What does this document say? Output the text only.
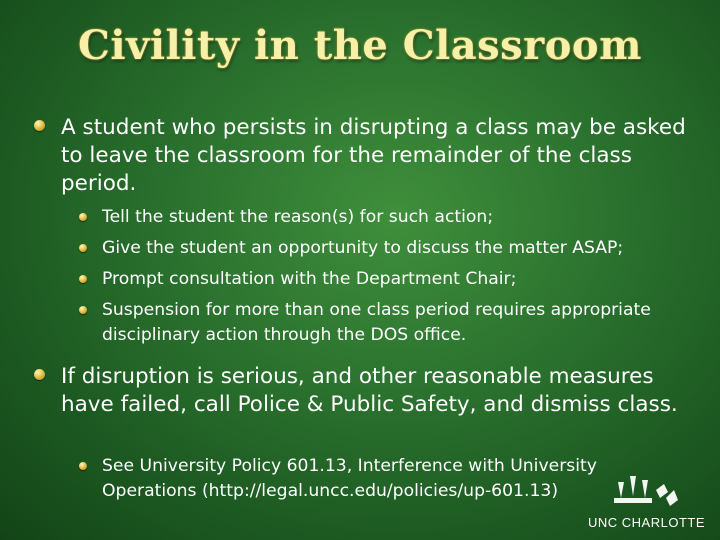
Civility in the Classroom
A student who persists in disrupting a class may be asked to leave the classroom for the remainder of the class period.
Tell the student the reason(s) for such action;
Give the student an opportunity to discuss the matter ASAP;
Prompt consultation with the Department Chair;
Suspension for more than one class period requires appropriate disciplinary action through the DOS office.
If disruption is serious, and other reasonable measures have failed, call Police & Public Safety, and dismiss class.
See University Policy 601.13, Interference with University Operations (http://legal.uncc.edu/policies/up-601.13)
UNC CHARLOTTE
